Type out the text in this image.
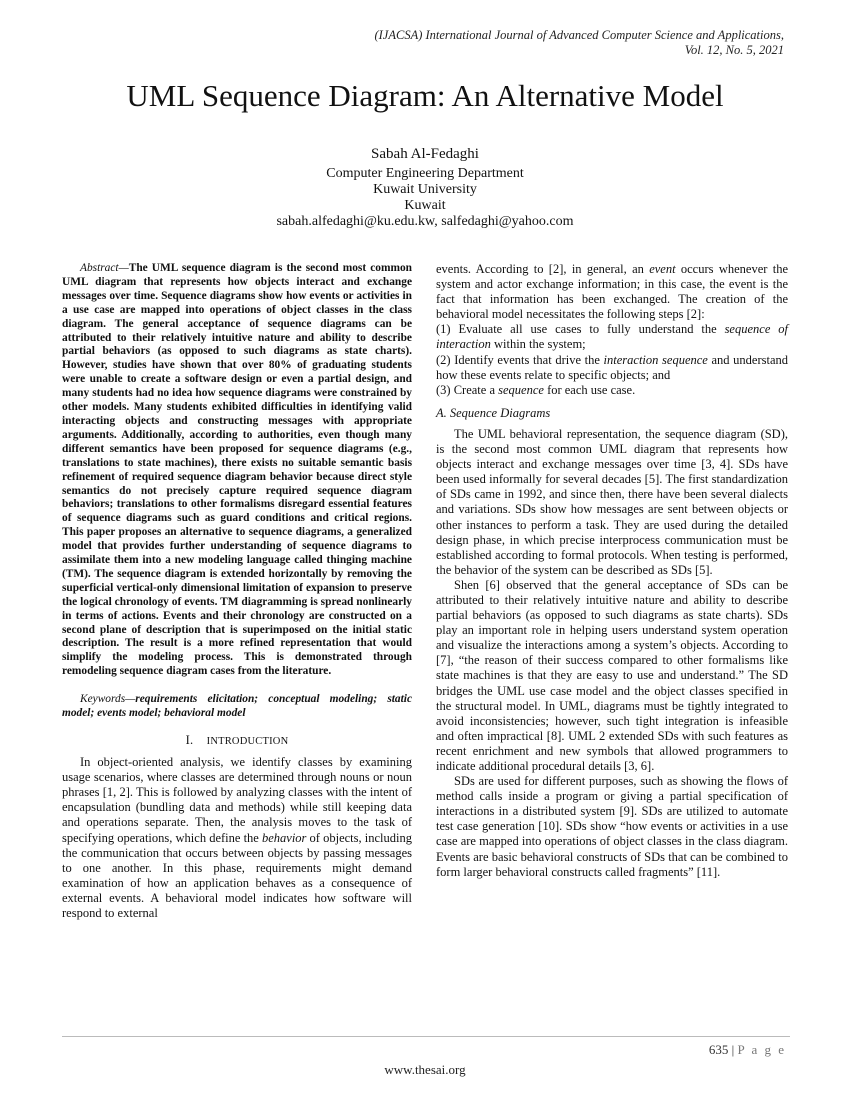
(IJACSA) International Journal of Advanced Computer Science and Applications,
Vol. 12, No. 5, 2021
UML Sequence Diagram: An Alternative Model
Sabah Al-Fedaghi
Computer Engineering Department
Kuwait University
Kuwait
sabah.alfedaghi@ku.edu.kw, salfedaghi@yahoo.com

Abstract—The UML sequence diagram is the second most common UML diagram that represents how objects interact and exchange messages over time. Sequence diagrams show how events or activities in a use case are mapped into operations of object classes in the class diagram. The general acceptance of sequence diagrams can be attributed to their relatively intuitive nature and ability to describe partial behaviors (as opposed to such diagrams as state charts). However, studies have shown that over 80% of graduating students were unable to create a software design or even a partial design, and many students had no idea how sequence diagrams were constrained by other models. Many students exhibited difficulties in identifying valid interacting objects and constructing messages with appropriate arguments. Additionally, according to authorities, even though many different semantics have been proposed for sequence diagrams (e.g., translations to state machines), there exists no suitable semantic basis refinement of required sequence diagram behavior because direct style semantics do not precisely capture required sequence diagram behaviors; translations to other formalisms disregard essential features of sequence diagrams such as guard conditions and critical regions. This paper proposes an alternative to sequence diagrams, a generalized model that provides further understanding of sequence diagrams to assimilate them into a new modeling language called thinging machine (TM). The sequence diagram is extended horizontally by removing the superficial vertical-only dimensional limitation of expansion to preserve the logical chronology of events. TM diagramming is spread nonlinearly in terms of actions. Events and their chronology are constructed on a second plane of description that is superimposed on the initial static description. The result is a more refined representation that would simplify the modeling process. This is demonstrated through remodeling sequence diagram cases from the literature.

Keywords—requirements elicitation; conceptual modeling; static model; events model; behavioral model

I. INTRODUCTION

In object-oriented analysis, we identify classes by examining usage scenarios, where classes are determined through nouns or noun phrases [1, 2]. This is followed by analyzing classes with the intent of encapsulation (bundling data and methods) while still keeping data and operations separate. Then, the analysis moves to the task of specifying operations, which define the behavior of objects, including the communication that occurs between objects by passing messages to one another. In this phase, requirements might demand examination of how an application behaves as a consequence of external events. A behavioral model indicates how software will respond to external

events. According to [2], in general, an event occurs whenever the system and actor exchange information; in this case, the event is the fact that information has been exchanged. The creation of the behavioral model necessitates the following steps [2]:

(1) Evaluate all use cases to fully understand the sequence of interaction within the system;

(2) Identify events that drive the interaction sequence and understand how these events relate to specific objects; and

(3) Create a sequence for each use case.

A. Sequence Diagrams

The UML behavioral representation, the sequence diagram (SD), is the second most common UML diagram that represents how objects interact and exchange messages over time [3, 4]. SDs have been used informally for several decades [5]. The first standardization of SDs came in 1992, and since then, there have been several dialects and variations. SDs show how messages are sent between objects or other instances to perform a task. They are used during the detailed design phase, in which precise interprocess communication must be established according to formal protocols. When testing is performed, the behavior of the system can be described as SDs [5].

Shen [6] observed that the general acceptance of SDs can be attributed to their relatively intuitive nature and ability to describe partial behaviors (as opposed to such diagrams as state charts). SDs play an important role in helping users understand system operation and visualize the interactions among a system’s objects. According to [7], “the reason of their success compared to other formalisms like state machines is that they are easy to use and understand.” The SD bridges the UML use case model and the object classes specified in the structural model. In UML, diagrams must be tightly integrated to avoid inconsistencies; however, such tight integration is infeasible and often impractical [8]. UML 2 extended SDs with such features as recent enrichment and new symbols that allowed programmers to indicate additional procedural details [3, 6].

SDs are used for different purposes, such as showing the flows of method calls inside a program or giving a partial specification of interactions in a distributed system [9]. SDs are utilized to automate test case generation [10]. SDs show “how events or activities in a use case are mapped into operations of object classes in the class diagram. Events are basic behavioral constructs of SDs that can be combined to form larger behavioral constructs called fragments” [11].

635 | P a g e
www.thesai.org
